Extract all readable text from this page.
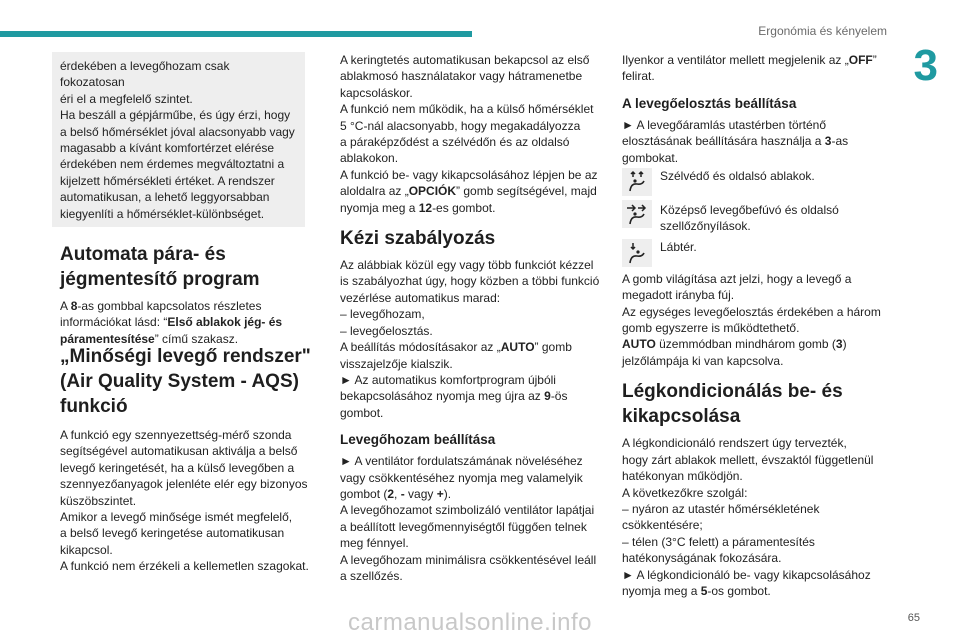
Ergonómia és kényelem
3

érdekében a levegőhozam csak fokozatosan
éri el a megfelelő szintet.
Ha beszáll a gépjárműbe, és úgy érzi, hogy
a belső hőmérséklet jóval alacsonyabb vagy
magasabb a kívánt komfortérzet elérése
érdekében nem érdemes megváltoztatni a
kijelzett hőmérsékleti értéket. A rendszer
automatikusan, a lehető leggyorsabban
kiegyenlíti a hőmérséklet-különbséget.

Automata pára- és
jégmentesítő program

A 8-as gombbal kapcsolatos részletes
információkat lásd: “Első ablakok jég- és
páramentesítése” című szakasz.

„Minőségi levegő rendszer"
(Air Quality System - AQS)
funkció

A funkció egy szennyezettség-mérő szonda
segítségével automatikusan aktiválja a belső
levegő keringetését, ha a külső levegőben a
szennyezőanyagok jelenléte elér egy bizonyos
küszöbszintet.
Amikor a levegő minősége ismét megfelelő,
a belső levegő keringetése automatikusan
kikapcsol.
A funkció nem érzékeli a kellemetlen szagokat.

A keringtetés automatikusan bekapcsol az első
ablakmosó használatakor vagy hátramenetbe
kapcsoláskor.
A funkció nem működik, ha a külső hőmérséklet
5 °C-nál alacsonyabb, hogy megakadályozza
a páraképződést a szélvédőn és az oldalsó
ablakokon.
A funkció be- vagy kikapcsolásához lépjen be az
aloldalra az „OPCIÓK” gomb segítségével, majd
nyomja meg a 12-es gombot.

Kézi szabályozás

Az alábbiak közül egy vagy több funkciót kézzel
is szabályozhat úgy, hogy közben a többi funkció
vezérlése automatikus marad:
– levegőhozam,
– levegőelosztás.
A beállítás módosításakor az „AUTO” gomb
visszajelzője kialszik.
► Az automatikus komfortprogram újbóli
bekapcsolásához nyomja meg újra az 9-ös
gombot.

Levegőhozam beállítása

► A ventilátor fordulatszámának növeléséhez
vagy csökkentéséhez nyomja meg valamelyik
gombot (2, - vagy +).
A levegőhozamot szimbolizáló ventilátor lapátjai
a beállított levegőmennyiségtől függően telnek
meg fénnyel.
A levegőhozam minimálisra csökkentésével leáll
a szellőzés.

Ilyenkor a ventilátor mellett megjelenik az „OFF”
felirat.

A levegőelosztás beállítása

► A levegőáramlás utastérben történő
elosztásának beállítására használja a 3-as
gombokat.

Szélvédő és oldalsó ablakok.

Középső levegőbefúvó és oldalsó
szellőzőnyílások.

Lábtér.

A gomb világítása azt jelzi, hogy a levegő a
megadott irányba fúj.
Az egységes levegőelosztás érdekében a három
gomb egyszerre is működtethető.
AUTO üzemmódban mindhárom gomb (3)
jelzőlámpája ki van kapcsolva.

Légkondicionálás be- és
kikapcsolása

A légkondicionáló rendszert úgy tervezték,
hogy zárt ablakok mellett, évszaktól függetlenül
hatékonyan működjön.
A következőkre szolgál:
– nyáron az utastér hőmérsékletének
csökkentésére;
– télen (3°C felett) a páramentesítés
hatékonyságának fokozására.
► A légkondicionáló be- vagy kikapcsolásához
nyomja meg a 5-os gombot.

carmanualsonline.info	65
